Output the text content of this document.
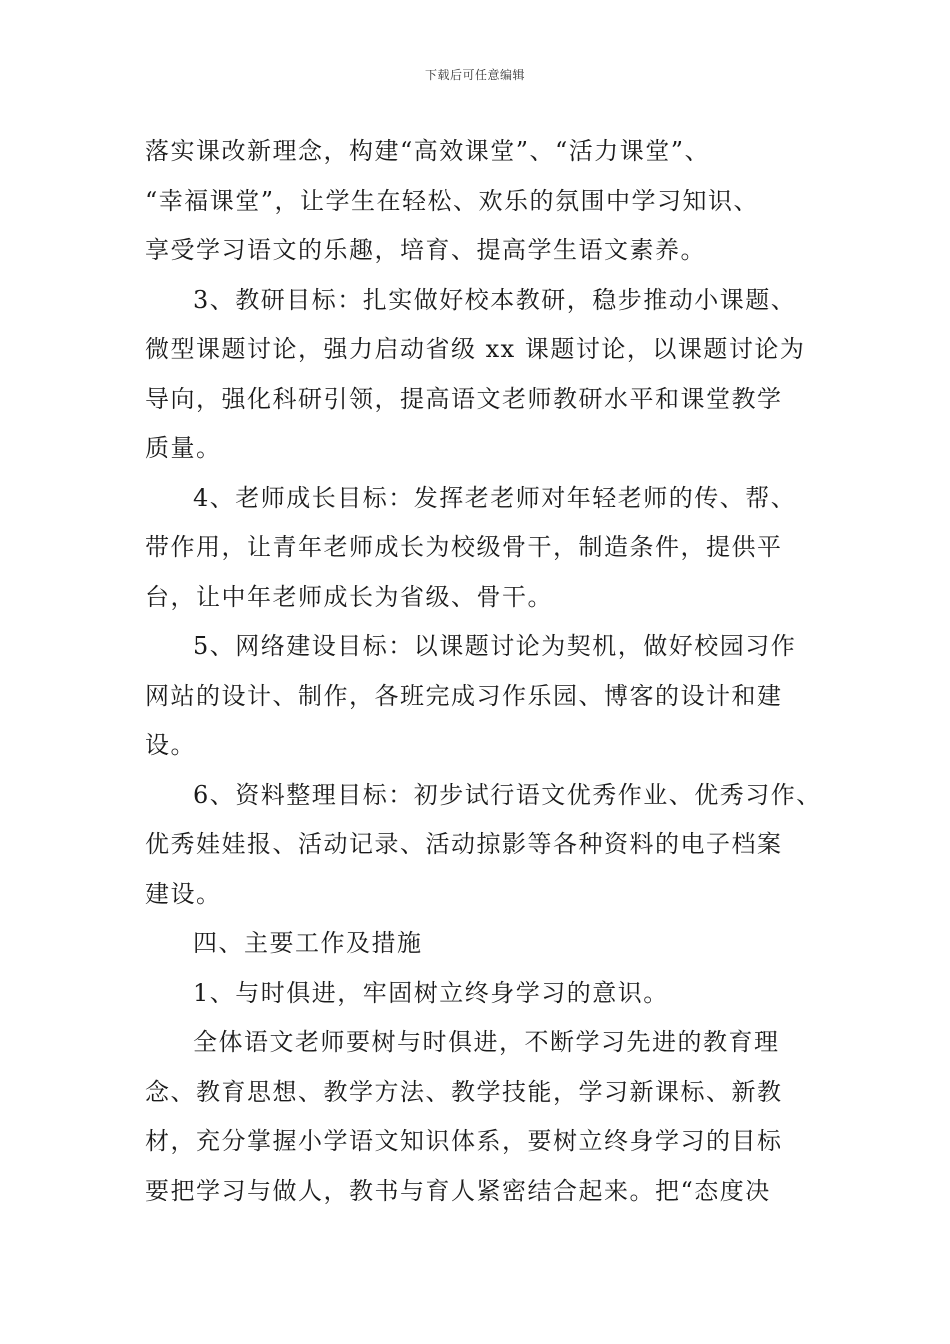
下载后可任意编辑
落实课改新理念，构建“高效课堂”、“活力课堂”、
“幸福课堂”，让学生在轻松、欢乐的氛围中学习知识、
享受学习语文的乐趣，培育、提高学生语文素养。
3、教研目标：扎实做好校本教研，稳步推动小课题、
微型课题讨论，强力启动省级 xx 课题讨论，以课题讨论为
导向，强化科研引领，提高语文老师教研水平和课堂教学
质量。
4、老师成长目标：发挥老老师对年轻老师的传、帮、
带作用，让青年老师成长为校级骨干，制造条件，提供平
台，让中年老师成长为省级、骨干。
5、网络建设目标：以课题讨论为契机，做好校园习作
网站的设计、制作，各班完成习作乐园、博客的设计和建
设。
6、资料整理目标：初步试行语文优秀作业、优秀习作、
优秀娃娃报、活动记录、活动掠影等各种资料的电子档案
建设。
四、主要工作及措施
1、与时俱进，牢固树立终身学习的意识。
全体语文老师要树与时俱进，不断学习先进的教育理
念、教育思想、教学方法、教学技能，学习新课标、新教
材，充分掌握小学语文知识体系，要树立终身学习的目标
要把学习与做人，教书与育人紧密结合起来。把“态度决
